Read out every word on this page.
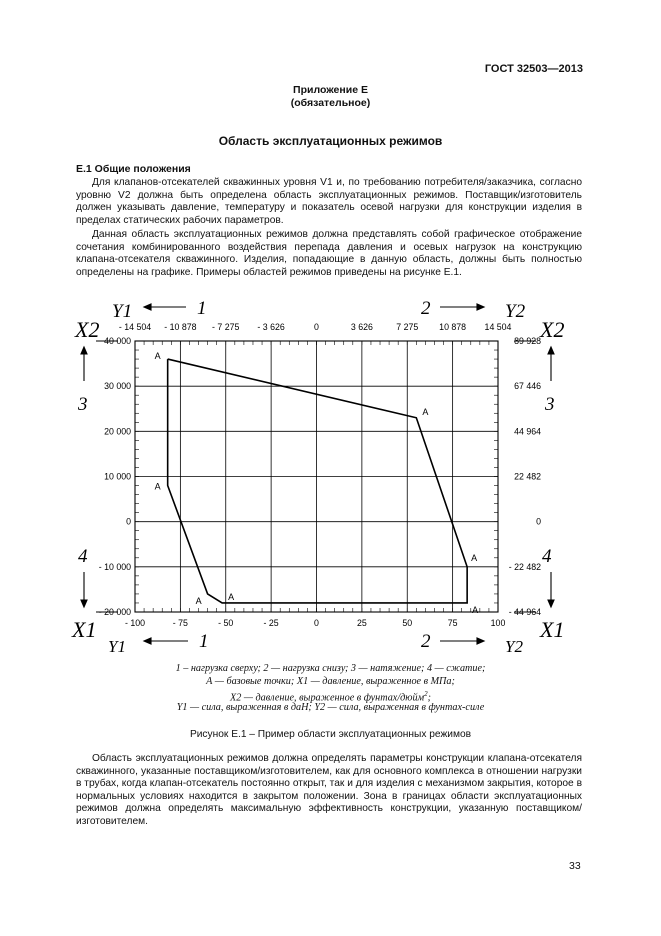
ГОСТ 32503—2013
Приложение Е
(обязательное)
Область эксплуатационных режимов
Е.1 Общие положения
Для клапанов-отсекателей скважинных уровня V1 и, по требованию потребителя/заказчика, согласно уровню V2 должна быть определена область эксплуатационных режимов. Поставщик/изготовитель должен указывать давление, температуру и показатель осевой нагрузки для конструкции изделия в пределах статических рабочих параметров.
Данная область эксплуатационных режимов должна представлять собой графическое отображение сочетания комбинированного воздействия перепада давления и осевых нагрузок на конструкцию клапана-отсекателя скважинного. Изделия, попадающие в данную область, должны быть полностью определены на графике. Примеры областей режимов приведены на рисунке Е.1.
A
A
A	A
A
A
A
- 100	- 75	- 50	- 25	0	25	50	75	100
- 14 504 - 10 878 - 7 275 - 3 626	0	3 626	7 275 10 878 14 504
- 20 000
- 10 000
0
10 000
20 000
30 000
40 000
- 44 964
- 22 482
0
22 482
44 964
67 446
89 928
Y1
X2
Y2
X2
X1
Y1	Y2
X1
1	2
3	3
4	4
1	2
1 – нагрузка сверху; 2 — нагрузка снизу; 3 — натяжение; 4 — сжатие;
А — базовые точки; X1 — давление, выраженное в МПа;
X2 — давление, выраженное в фунтах/дюйм$^2$;
Y1 — сила, выраженная в даН; Y2 — сила, выраженная в фунтах-силе
Рисунок Е.1 – Пример области эксплуатационных режимов
Область эксплуатационных режимов должна определять параметры конструкции клапана-отсекателя скважинного, указанные поставщиком/изготовителем, как для основного комплекса в отношении нагрузки в трубах, когда клапан-отсекатель постоянно открыт, так и для изделия с механизмом закрытия, которое в нормальных условиях находится в закрытом положении. Зона в границах области эксплуатационных режимов должна определять максимальную эффективность конструкции, указанную поставщиком/изготовителем.
33
